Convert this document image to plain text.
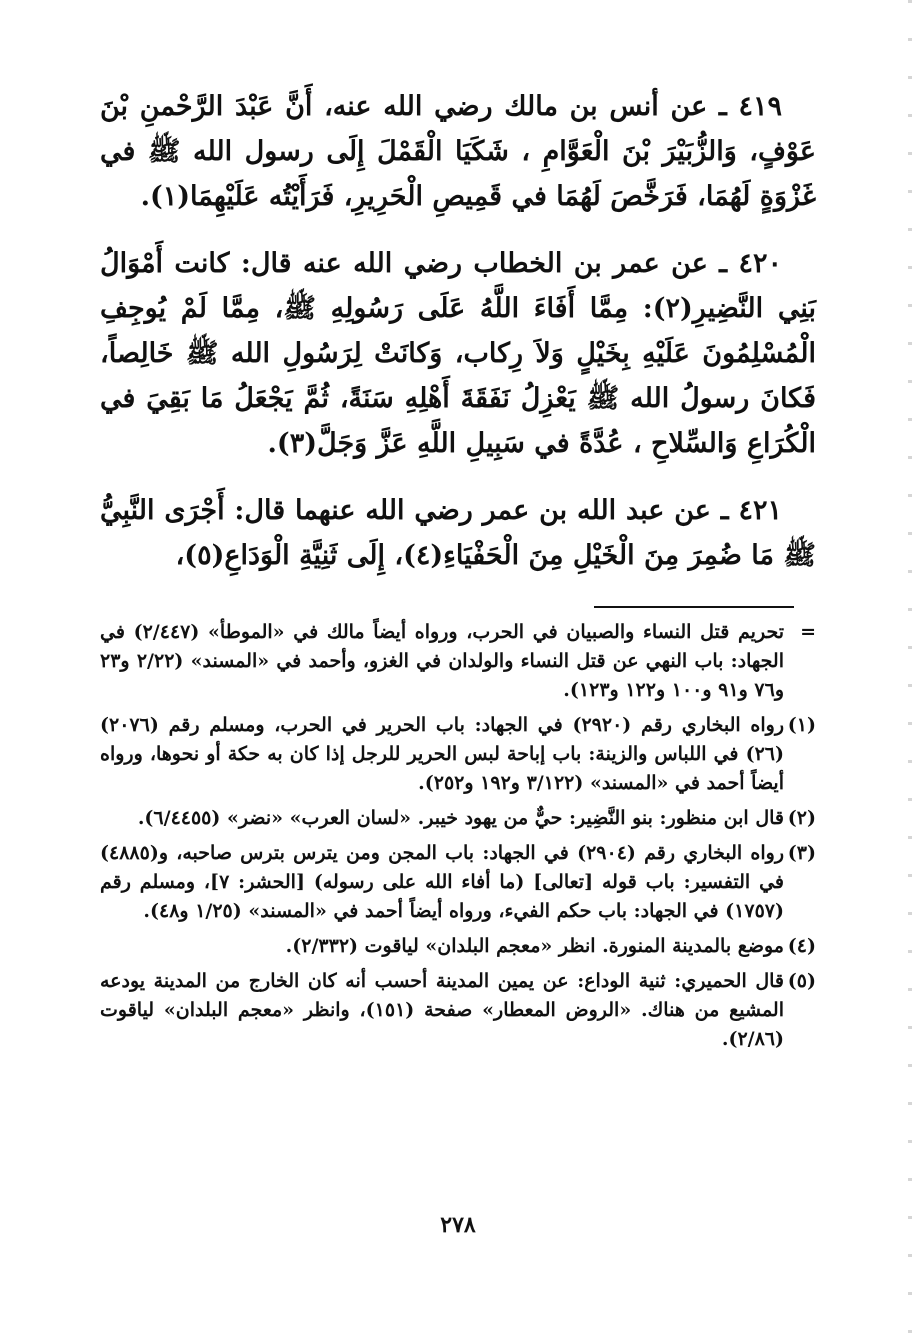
٤١٩ ـ عن أنس بن مالك رضي الله عنه، أَنَّ عَبْدَ الرَّحْمنِ بْنَ عَوْفٍ، وَالزُّبَيْرَ بْنَ الْعَوَّامِ ، شَكَيَا الْقَمْلَ إِلَى رسول الله ﷺ في غَزْوَةٍ لَهُمَا، فَرَخَّصَ لَهُمَا في قَمِيصِ الْحَرِيرِ، فَرَأَيْتُه عَلَيْهِمَا(١).

٤٢٠ ـ عن عمر بن الخطاب رضي الله عنه قال: كانت أَمْوَالُ بَنِي النَّضِيرِ(٢): مِمَّا أَفَاءَ اللَّهُ عَلَى رَسُولِهِ ﷺ، مِمَّا لَمْ يُوجِفِ الْمُسْلِمُونَ عَلَيْهِ بِخَيْلٍ وَلاَ رِكاب، وَكانَتْ لِرَسُولِ الله ﷺ خَالِصاً، فَكانَ رسولُ الله ﷺ يَعْزِلُ نَفَقَةَ أَهْلِهِ سَنَةً، ثُمَّ يَجْعَلُ مَا بَقِيَ في الْكُرَاعِ وَالسِّلاحِ ، عُدَّةً في سَبِيلِ اللَّهِ عَزَّ وَجَلَّ(٣).

٤٢١ ـ عن عبد الله بن عمر رضي الله عنهما قال: أَجْرَى النَّبِيُّ ﷺ مَا ضُمِرَ مِنَ الْخَيْلِ مِنَ الْحَفْيَاءِ(٤)، إِلَى ثَنِيَّةِ الْوَدَاعِ(٥)،

=تحريم قتل النساء والصبيان في الحرب، ورواه أيضاً مالك في «الموطأ» (٢/٤٤٧) في الجهاد: باب النهي عن قتل النساء والولدان في الغزو، وأحمد في «المسند» (٢/٢٢ و٢٣ و٧٦ و٩١ و١٠٠ و١٢٢ و١٢٣).

(١)رواه البخاري رقم (٢٩٢٠) في الجهاد: باب الحرير في الحرب، ومسلم رقم (٢٠٧٦) (٢٦) في اللباس والزينة: باب إباحة لبس الحرير للرجل إذا كان به حكة أو نحوها، ورواه أيضاً أحمد في «المسند» (٣/١٢٢ و١٩٢ و٢٥٢).

(٢)قال ابن منظور: بنو النَّضِير: حيٌّ من يهود خيبر. «لسان العرب» «نضر» (٦/٤٤٥٥).

(٣)رواه البخاري رقم (٢٩٠٤) في الجهاد: باب المجن ومن يترس بترس صاحبه، و(٤٨٨٥) في التفسير: باب قوله [تعالى] (ما أفاء الله على رسوله) [الحشر: ٧]، ومسلم رقم (١٧٥٧) في الجهاد: باب حكم الفيء، ورواه أيضاً أحمد في «المسند» (١/٢٥ و٤٨).

(٤)موضع بالمدينة المنورة. انظر «معجم البلدان» لياقوت (٢/٣٣٢).

(٥)قال الحميري: ثنية الوداع: عن يمين المدينة أحسب أنه كان الخارج من المدينة يودعه المشيع من هناك. «الروض المعطار» صفحة (١٥١)، وانظر «معجم البلدان» لياقوت (٢/٨٦).

٢٧٨
